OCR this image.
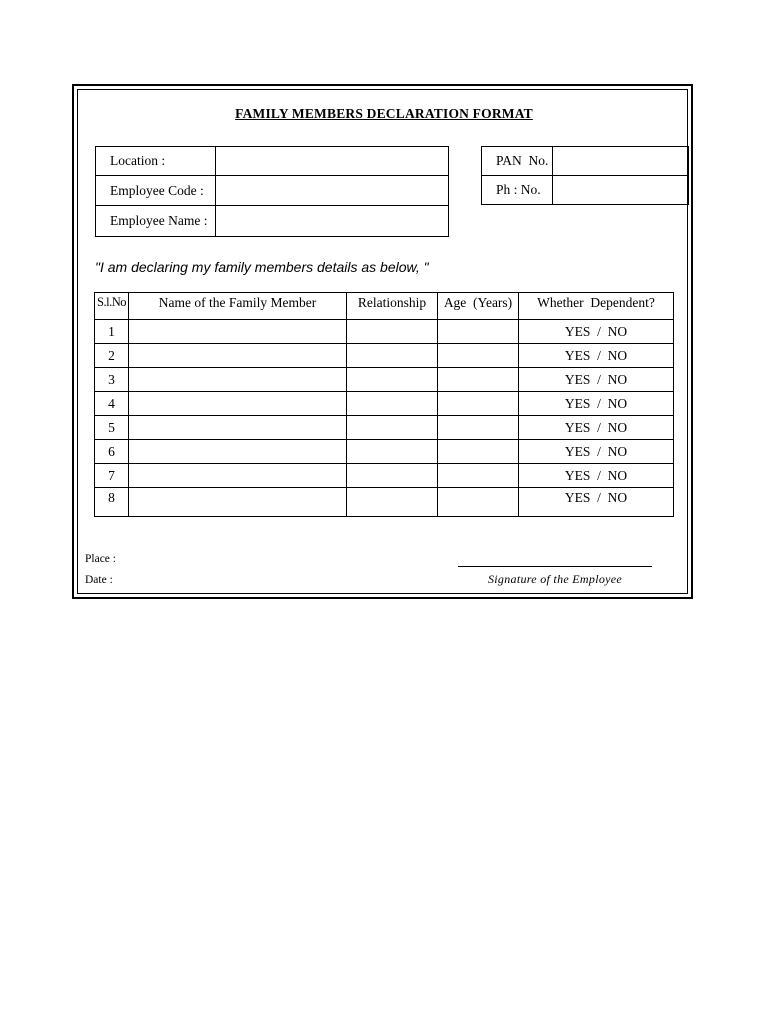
FAMILY MEMBERS DECLARATION FORMAT
Location :	
Employee Code :	
Employee Name :	
PAN  No.	
Ph : No.	
"I am declaring my family members details as below, "
S.l.No	Name of the Family Member	Relationship	Age  (Years)	Whether  Dependent?
1				YES  /  NO
2				YES  /  NO
3				YES  /  NO
4				YES  /  NO
5				YES  /  NO
6				YES  /  NO
7				YES  /  NO
8				YES  /  NO
Place :
Date :	Signature of the Employee
